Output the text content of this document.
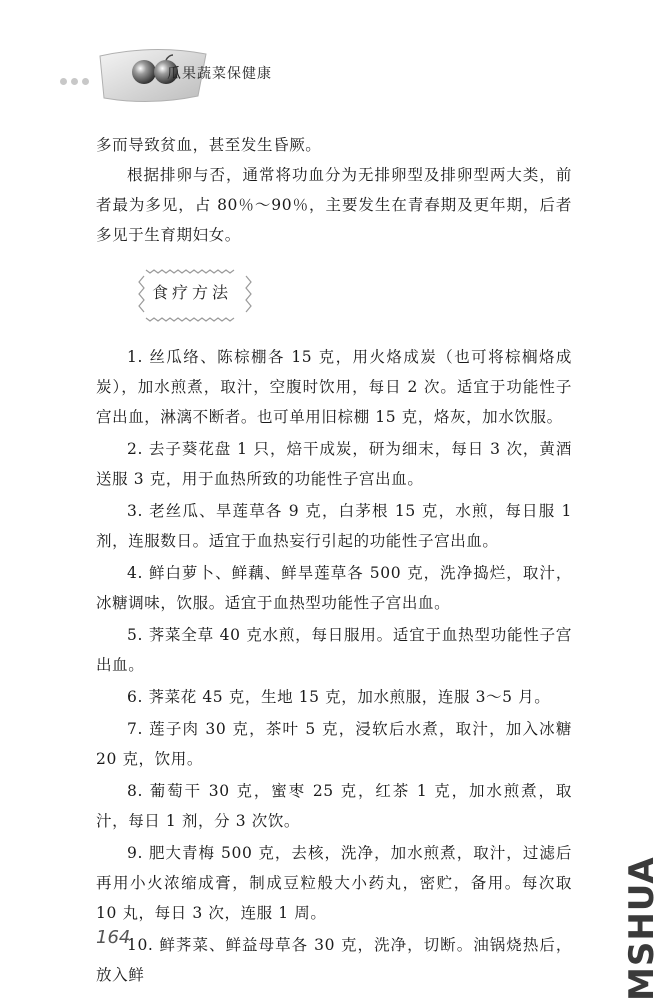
瓜果蔬菜保健康

多而导致贫血，甚至发生昏厥。

根据排卵与否，通常将功血分为无排卵型及排卵型两大类，前者最为多见，占 80％～90％，主要发生在青春期及更年期，后者多见于生育期妇女。

食疗方法

1. 丝瓜络、陈棕棚各 15 克，用火烙成炭（也可将棕榈烙成炭），加水煎煮，取汁，空腹时饮用，每日 2 次。适宜于功能性子宫出血，淋漓不断者。也可单用旧棕棚 15 克，烙灰，加水饮服。

2. 去子葵花盘 1 只，焙干成炭，研为细末，每日 3 次，黄酒送服 3 克，用于血热所致的功能性子宫出血。

3. 老丝瓜、旱莲草各 9 克，白茅根 15 克，水煎，每日服 1 剂，连服数日。适宜于血热妄行引起的功能性子宫出血。

4. 鲜白萝卜、鲜藕、鲜旱莲草各 500 克，洗净捣烂，取汁，冰糖调味，饮服。适宜于血热型功能性子宫出血。

5. 荠菜全草 40 克水煎，每日服用。适宜于血热型功能性子宫出血。

6. 荠菜花 45 克，生地 15 克，加水煎服，连服 3～5 月。

7. 莲子肉 30 克，茶叶 5 克，浸软后水煮，取汁，加入冰糖 20 克，饮用。

8. 葡萄干 30 克，蜜枣 25 克，红茶 1 克，加水煎煮，取汁，每日 1 剂，分 3 次饮。

9. 肥大青梅 500 克，去核，洗净，加水煎煮，取汁，过滤后再用小火浓缩成膏，制成豆粒般大小药丸，密贮，备用。每次取 10 丸，每日 3 次，连服 1 周。

10. 鲜荠菜、鲜益母草各 30 克，洗净，切断。油锅烧热后，放入鲜

164	MSHUA
